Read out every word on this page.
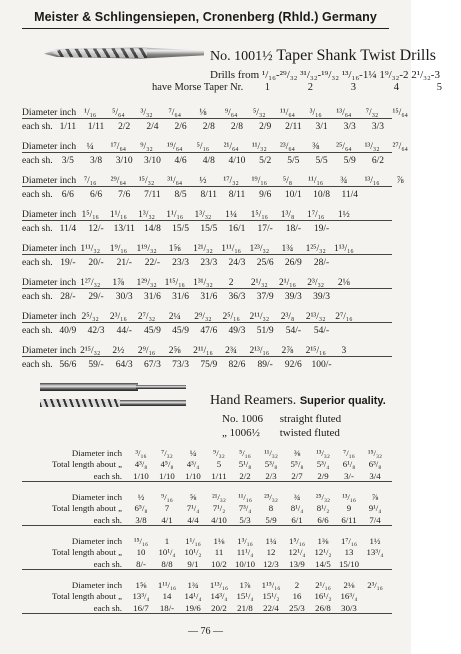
Meister & Schlingensiepen, Cronenberg (Rhld.) Germany
No. 1001½ Taper Shank Twist Drills
Drills from ¹/₁₆-²⁹/₃₂ ³¹/₃₂-¹⁹/₃₂ ¹³/₁₆-1¼ 1⁹/₃₂-2 2¹/₃₂-3
have Morse Taper Nr. 1	2	3	4	5
Diameter inch ¹/₁₆	⁵/₆₄	³/₃₂	⁷/₆₄	⅛	⁹/₆₄	⁵/₃₂	¹¹/₆₄	³/₁₆	¹³/₆₄	⁷/₃₂	¹⁵/₆₄
each sh. 1/11	1/11	2/2	2/4	2/6	2/8	2/8	2/9	2/11	3/1	3/3	3/3
Diameter inch	¼	¹⁷/₆₄	⁹/₃₂	¹⁹/₆₄	⁵/₁₆	²¹/₆₄	¹¹/₃₂	²³/₆₄	⅜	²⁵/₆₄	¹³/₃₂	²⁷/₆₄
each sh. 3/5	3/8	3/10	3/10	4/6	4/8	4/10	5/2	5/5	5/5	5/9	6/2
Diameter inch ⁷/₁₆	²⁹/₆₄	¹⁵/₃₂	³¹/₆₄	½	¹⁷/₃₂	¹⁹/₁₆	⁵/₈	¹¹/₁₆	¾	¹³/₁₆	⅞
each sh. 6/6	6/6	7/6	7/11	8/5	8/11	8/11	9/6	10/1	10/8	11/4
Diameter inch 1⁵/₁₆	1¹/₁₆	1³/₃₂	1¹/₁₆	1³/₃₂	1¼	1⁵/₁₆	1³/₈	1⁷/₁₆	1½
each sh. 11/4	12/-	13/11 14/8	15/5	15/5	16/1	17/-	18/-	19/-
Diameter inch 1¹¹/₃₂	1⁹/₁₆ 1¹⁹/₃₂	1⅝	1²¹/₃₂ 1¹¹/₁₆ 1²³/₃₂	1¾	1²⁵/₃₂ 1¹³/₁₆
each sh. 19/-	20/-	21/-	22/-	23/3	23/3	24/3	25/6	26/9	28/-
Diameter inch 1²⁷/₃₂	1⅞	1²⁹/₃₂ 1¹⁵/₁₆ 1³¹/₃₂	2	2¹/₃₂	2¹/₁₆	2³/₃₂	2⅛
each sh. 28/-	29/-	30/3	31/6	31/6	31/6	36/3	37/9	39/3	39/3
Diameter inch 2⁵/₃₂	2³/₁₆	2⁷/₃₂	2¼	2⁹/₃₂	2⁵/₁₆	2¹¹/₃₂	2³/₈	2¹³/₃₂	2⁷/₁₆
each sh. 40/9	42/3	44/-	45/9	45/9	47/6	49/3	51/9	54/-	54/-
Diameter inch 2¹⁵/₃₂	2½	2⁹/₁₆	2⅝	2¹¹/₁₆	2¾	2¹³/₁₆	2⅞	2¹⁵/₁₆	3
each sh. 56/6	59/-	64/3	67/3	73/3	75/9	82/6	89/-	92/6	100/-
Hand Reamers. Superior quality.
No. 1006 straight fluted
„ 1006½ twisted fluted
Diameter inch	³/₁₆	⁷/₃₂	¼	⁹/₃₂	⁵/₁₆	¹¹/₃₂	⅜	¹³/₃₂	⁷/₁₆	¹⁵/₃₂
Total length about „	4³/₈	4⁵/₈	4³/₄	5	5¹/₈	5³/₈	5⁵/₈	5³/₄	6¹/₈	6³/₈
each sh.	1/10	1/10	1/10	1/11	2/2	2/3	2/7	2/9	3/-	3/4
Diameter inch	½	⁹/₁₆	⅝	²¹/₃₂	¹¹/₁₆	²³/₃₂	¾	²⁵/₃₂	¹³/₁₆	⅞
Total length about „	6⁵/₈	7	7¹/₄	7¹/₂	7³/₄	8	8¹/₄	8¹/₂	9	9¹/₄
each sh.	3/8	4/1	4/4	4/10	5/3	5/9	6/1	6/6	6/11	7/4
Diameter inch	¹⁵/₁₆	1	1¹/₁₆	1⅛	1³/₁₆	1¼	1⁵/₁₆	1⅜	1⁷/₁₆	1½
Total length about „	10	10¹/₄	10¹/₂	11	11¹/₄	12	12¹/₄	12¹/₂	13	13³/₄
each sh.	8/-	8/8	9/1	10/2 10/10 12/3	13/9	14/5 15/10
Diameter inch	1⅝	1¹¹/₁₆	1¾	1¹³/₁₆	1⅞	1¹⁵/₁₆	2	2¹/₁₆	2⅛	2³/₁₆
Total length about „	13³/₄	14	14¹/₄	14³/₄	15¹/₄	15¹/₂	16	16¹/₂	16³/₄
each sh.	16/7	18/-	19/6	20/2	21/8	22/4	25/3	26/8	30/3
— 76 —
